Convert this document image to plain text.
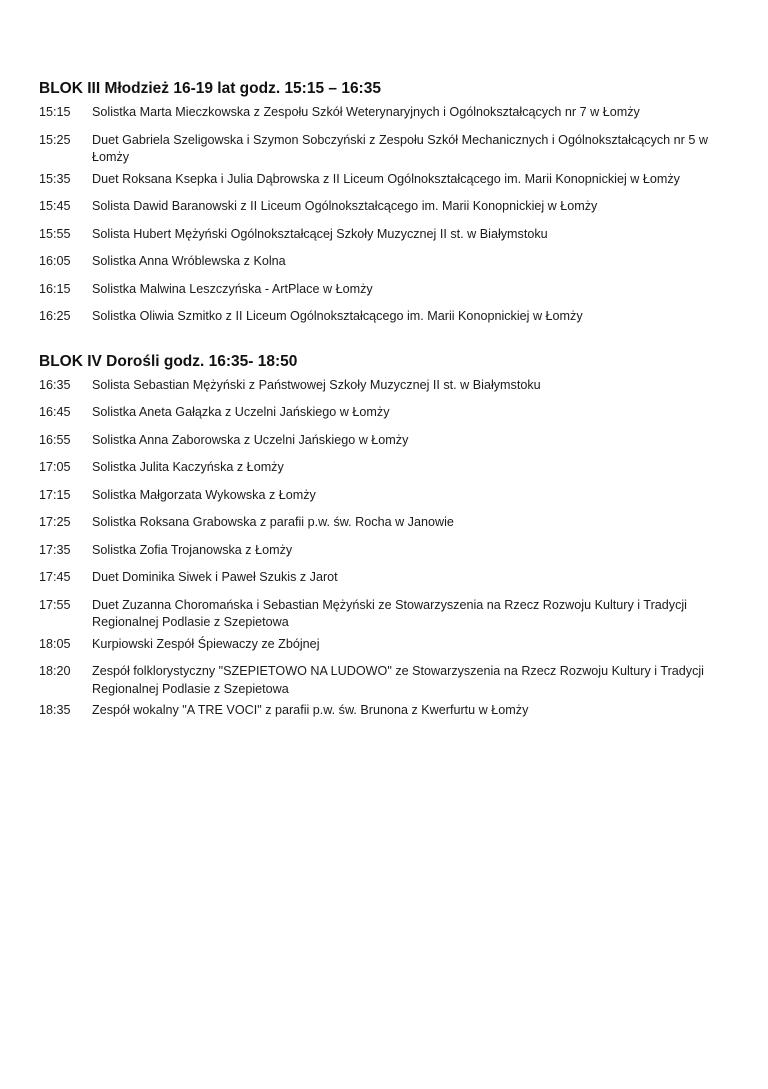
BLOK III Młodzież 16-19 lat godz. 15:15 – 16:35
15:15	Solistka Marta Mieczkowska z Zespołu Szkół Weterynaryjnych i Ogólnokształcących nr 7 w Łomży
15:25	Duet Gabriela Szeligowska i Szymon Sobczyński z Zespołu Szkół Mechanicznych i Ogólnokształcących nr 5 w Łomży
15:35	Duet Roksana Ksepka i Julia Dąbrowska z II Liceum Ogólnokształcącego im. Marii Konopnickiej w Łomży
15:45	Solista Dawid Baranowski z II Liceum Ogólnokształcącego im. Marii Konopnickiej w Łomży
15:55	Solista Hubert Mężyński Ogólnokształcącej Szkoły Muzycznej II st. w Białymstoku
16:05	Solistka Anna Wróblewska z Kolna
16:15	Solistka Malwina Leszczyńska - ArtPlace w Łomży
16:25	Solistka Oliwia Szmitko z II Liceum Ogólnokształcącego im. Marii Konopnickiej w Łomży
BLOK IV Dorośli godz. 16:35- 18:50
16:35	Solista Sebastian Mężyński z Państwowej Szkoły Muzycznej II st. w Białymstoku
16:45	Solistka Aneta Gałązka z Uczelni Jańskiego w Łomży
16:55	Solistka Anna Zaborowska z Uczelni Jańskiego w Łomży
17:05	Solistka Julita Kaczyńska z Łomży
17:15	Solistka Małgorzata Wykowska z Łomży
17:25	Solistka Roksana Grabowska z parafii p.w. św. Rocha w Janowie
17:35	Solistka Zofia Trojanowska z Łomży
17:45	Duet Dominika Siwek i Paweł Szukis z Jarot
17:55	Duet Zuzanna Choromańska i Sebastian Mężyński ze Stowarzyszenia na Rzecz Rozwoju Kultury i Tradycji Regionalnej Podlasie z Szepietowa
18:05	Kurpiowski Zespół Śpiewaczy ze Zbójnej
18:20	Zespół folklorystyczny "SZEPIETOWO NA LUDOWO" ze Stowarzyszenia na Rzecz Rozwoju Kultury i Tradycji Regionalnej Podlasie z Szepietowa
18:35	Zespół wokalny "A TRE VOCI" z parafii p.w. św. Brunona z Kwerfurtu w Łomży
